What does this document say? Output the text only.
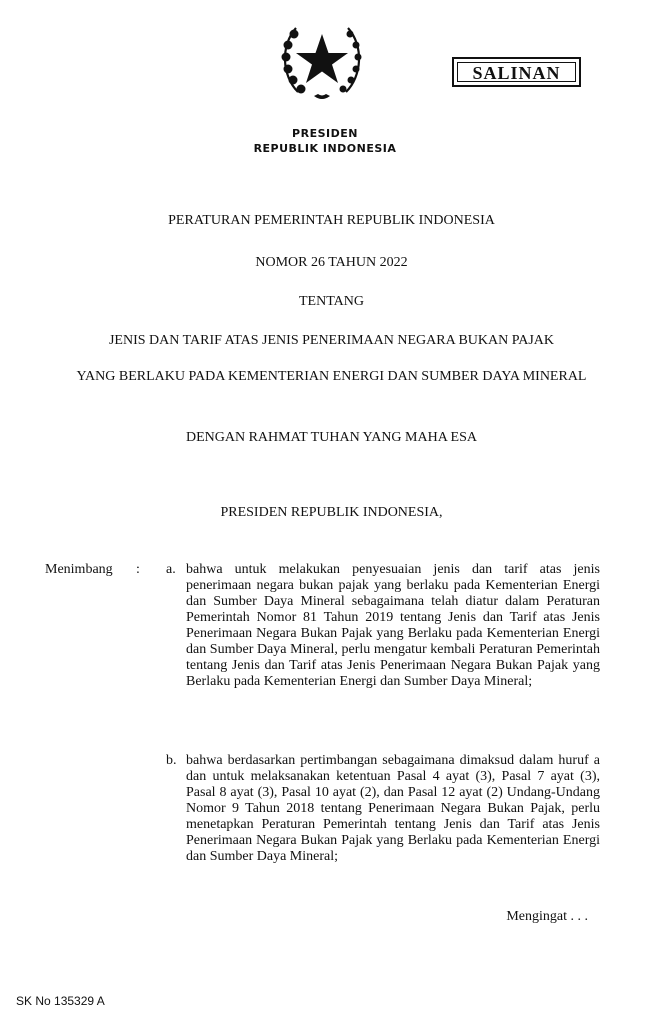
PRESIDEN
REPUBLIK INDONESIA
SALINAN
PERATURAN PEMERINTAH REPUBLIK INDONESIA
NOMOR 26 TAHUN 2022
TENTANG
JENIS DAN TARIF ATAS JENIS PENERIMAAN NEGARA BUKAN PAJAK
YANG BERLAKU PADA KEMENTERIAN ENERGI DAN SUMBER DAYA MINERAL
DENGAN RAHMAT TUHAN YANG MAHA ESA
PRESIDEN REPUBLIK INDONESIA,
Menimbang : a. bahwa untuk melakukan penyesuaian jenis dan tarif atas jenis penerimaan negara bukan pajak yang berlaku pada Kementerian Energi dan Sumber Daya Mineral sebagaimana telah diatur dalam Peraturan Pemerintah Nomor 81 Tahun 2019 tentang Jenis dan Tarif atas Jenis Penerimaan Negara Bukan Pajak yang Berlaku pada Kementerian Energi dan Sumber Daya Mineral, perlu mengatur kembali Peraturan Pemerintah tentang Jenis dan Tarif atas Jenis Penerimaan Negara Bukan Pajak yang Berlaku pada Kementerian Energi dan Sumber Daya Mineral;
b. bahwa berdasarkan pertimbangan sebagaimana dimaksud dalam huruf a dan untuk melaksanakan ketentuan Pasal 4 ayat (3), Pasal 7 ayat (3), Pasal 8 ayat (3), Pasal 10 ayat (2), dan Pasal 12 ayat (2) Undang-Undang Nomor 9 Tahun 2018 tentang Penerimaan Negara Bukan Pajak, perlu menetapkan Peraturan Pemerintah tentang Jenis dan Tarif atas Jenis Penerimaan Negara Bukan Pajak yang Berlaku pada Kementerian Energi dan Sumber Daya Mineral;
Mengingat . . .
SK No 135329 A
